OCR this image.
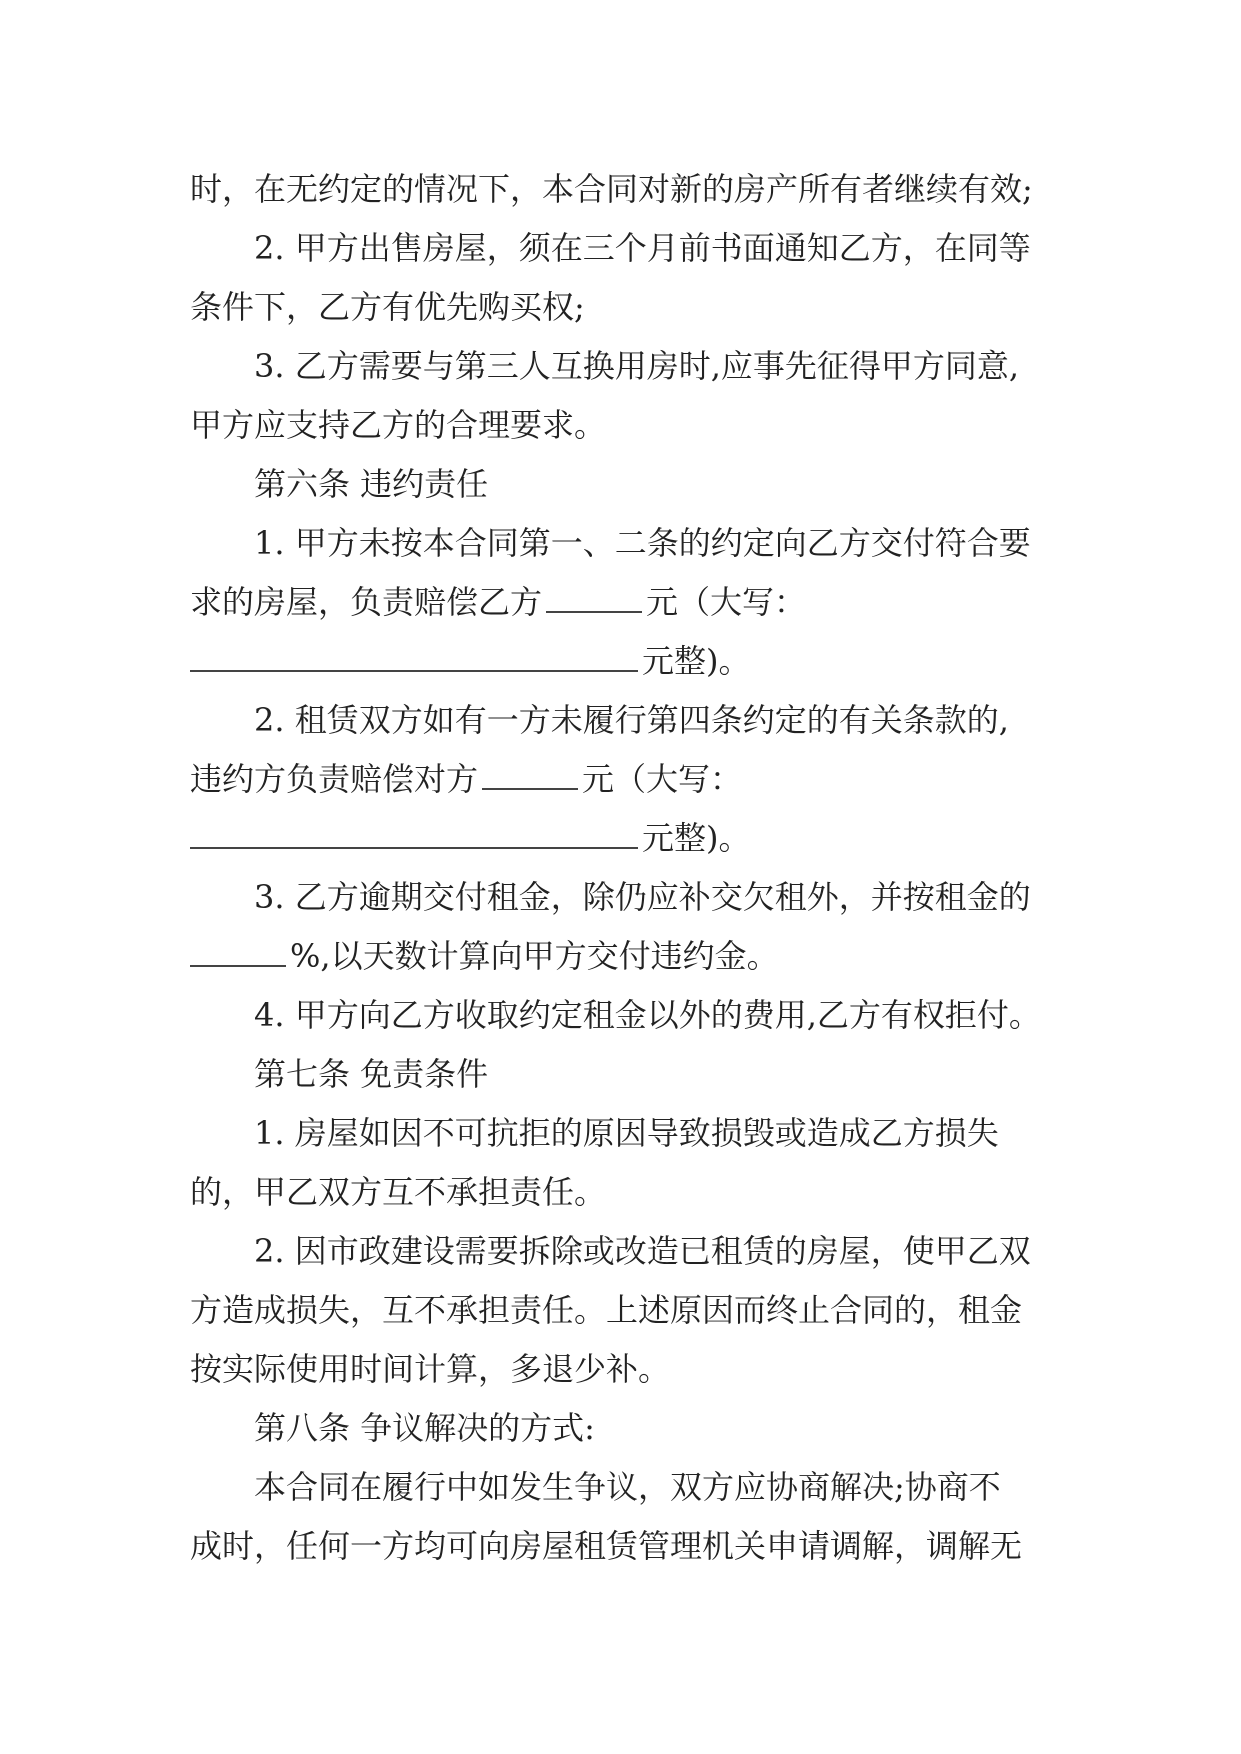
时，在无约定的情况下，本合同对新的房产所有者继续有效;
2. 甲方出售房屋，须在三个月前书面通知乙方，在同等
条件下，乙方有优先购买权;
3. 乙方需要与第三人互换用房时,应事先征得甲方同意,
甲方应支持乙方的合理要求。
第六条 违约责任
1. 甲方未按本合同第一、二条的约定向乙方交付符合要
求的房屋，负责赔偿乙方	元（大写：
元整)。
2. 租赁双方如有一方未履行第四条约定的有关条款的,
违约方负责赔偿对方	元（大写：
元整)。
3. 乙方逾期交付租金，除仍应补交欠租外，并按租金的
%,以天数计算向甲方交付违约金。
4. 甲方向乙方收取约定租金以外的费用,乙方有权拒付。
第七条 免责条件
1. 房屋如因不可抗拒的原因导致损毁或造成乙方损失
的，甲乙双方互不承担责任。
2. 因市政建设需要拆除或改造已租赁的房屋，使甲乙双
方造成损失，互不承担责任。上述原因而终止合同的，租金
按实际使用时间计算，多退少补。
第八条 争议解决的方式:
本合同在履行中如发生争议，双方应协商解决;协商不
成时，任何一方均可向房屋租赁管理机关申请调解，调解无
